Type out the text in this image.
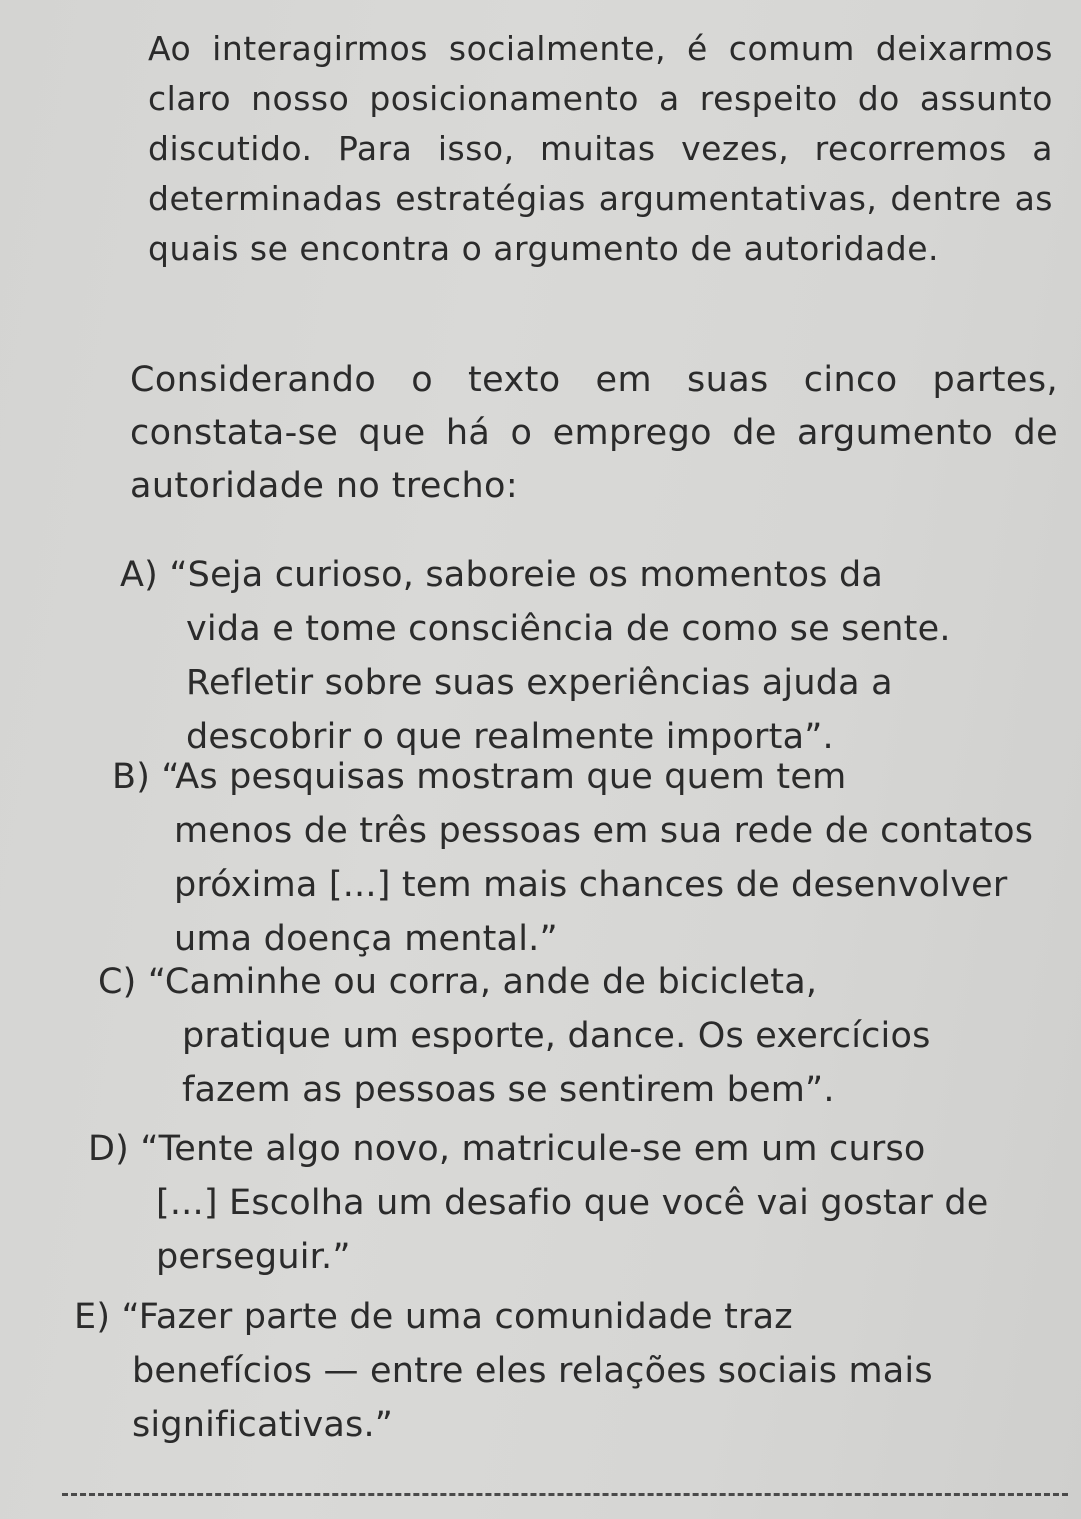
Ao interagirmos socialmente, é comum deixarmos claro nosso posicionamento a respeito do assunto discutido. Para isso, muitas vezes, recorremos a determinadas estratégias argumentativas, dentre as quais se encontra o argumento de autoridade.

Considerando o texto em suas cinco partes, constata-se que há o emprego de argumento de autoridade no trecho:

A) “Seja curioso, saboreie os momentos da
vida e tome consciência de como se sente. Refletir sobre suas experiências ajuda a descobrir o que realmente importa”.
B) “As pesquisas mostram que quem tem
menos de três pessoas em sua rede de contatos próxima [...] tem mais chances de desenvolver uma doença mental.”
C) “Caminhe ou corra, ande de bicicleta,
pratique um esporte, dance. Os exercícios fazem as pessoas se sentirem bem”.
D) “Tente algo novo, matricule-se em um curso
[...] Escolha um desafio que você vai gostar de perseguir.”
E) “Fazer parte de uma comunidade traz
benefícios — entre eles relações sociais mais significativas.”
